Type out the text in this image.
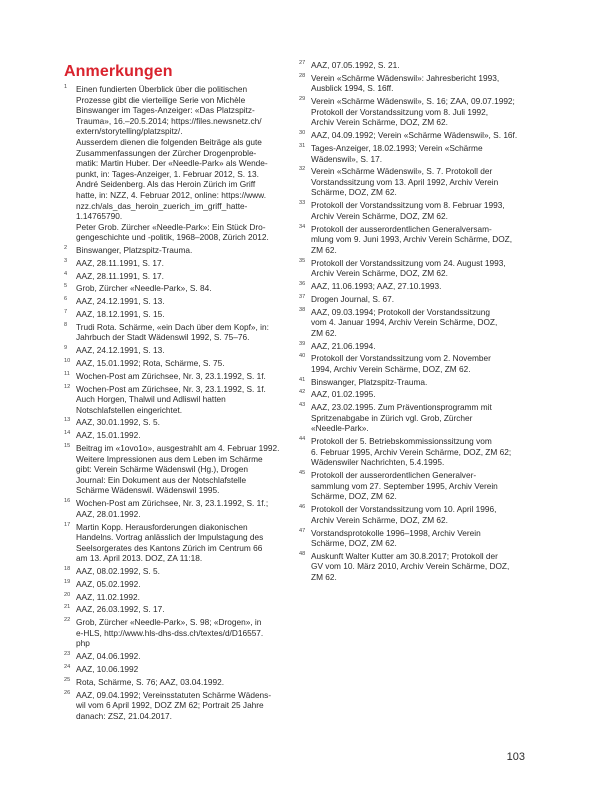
Anmerkungen
1 Einen fundierten Überblick über die politischen
Prozesse gibt die vierteilige Serie von Michèle
Binswanger im Tages-Anzeiger: «Das Platzspitz-
Trauma», 16.–20.5.2014; https://files.newsnetz.ch/
extern/storytelling/platzspitz/.
Ausserdem dienen die folgenden Beiträge als gute
Zusammenfassungen der Zürcher Drogenproble-
matik: Martin Huber. Der «Needle-Park» als Wende-
punkt, in: Tages-Anzeiger, 1. Februar 2012, S. 13.
André Seidenberg. Als das Heroin Zürich im Griff
hatte, in: NZZ, 4. Februar 2012, online: https://www.
nzz.ch/als_das_heroin_zuerich_im_griff_hatte-
1.14765790.
Peter Grob. Zürcher «Needle-Park»: Ein Stück Dro-
gengeschichte und -politik, 1968–2008, Zürich 2012.
2 Binswanger, Platzspitz-Trauma.
3 AAZ, 28.11.1991, S. 17.
4 AAZ, 28.11.1991, S. 17.
5 Grob, Zürcher «Needle-Park», S. 84.
6 AAZ, 24.12.1991, S. 13.
7 AAZ, 18.12.1991, S. 15.
8 Trudi Rota. Schärme, «ein Dach über dem Kopf», in:
Jahrbuch der Stadt Wädenswil 1992, S. 75–76.
9 AAZ, 24.12.1991, S. 13.
10 AAZ, 15.01.1992; Rota, Schärme, S. 75.
11 Wochen-Post am Zürichsee, Nr. 3, 23.1.1992, S. 1f.
12 Wochen-Post am Zürichsee, Nr. 3, 23.1.1992, S. 1f.
Auch Horgen, Thalwil und Adliswil hatten
Notschlafstellen eingerichtet.
13 AAZ, 30.01.1992, S. 5.
14 AAZ, 15.01.1992.
15 Beitrag im «1ovo1o», ausgestrahlt am 4. Februar 1992.
Weitere Impressionen aus dem Leben im Schärme
gibt: Verein Schärme Wädenswil (Hg.), Drogen
Journal: Ein Dokument aus der Notschlafstelle
Schärme Wädenswil. Wädenswil 1995.
16 Wochen-Post am Zürichsee, Nr. 3, 23.1.1992, S. 1f.;
AAZ, 28.01.1992.
17 Martin Kopp. Herausforderungen diakonischen
Handelns. Vortrag anlässlich der Impulstagung des
Seelsorgerates des Kantons Zürich im Centrum 66
am 13. April 2013. DOZ, ZA 11:18.
18 AAZ, 08.02.1992, S. 5.
19 AAZ, 05.02.1992.
20 AAZ, 11.02.1992.
21 AAZ, 26.03.1992, S. 17.
22 Grob, Zürcher «Needle-Park», S. 98; «Drogen», in
e-HLS, http://www.hls-dhs-dss.ch/textes/d/D16557.
php
23 AAZ, 04.06.1992.
24 AAZ, 10.06.1992
25 Rota, Schärme, S. 76; AAZ, 03.04.1992.
26 AAZ, 09.04.1992; Vereinsstatuten Schärme Wädens-
wil vom 6 April 1992, DOZ ZM 62; Portrait 25 Jahre
danach: ZSZ, 21.04.2017.
27 AAZ, 07.05.1992, S. 21.
28 Verein «Schärme Wädenswil»: Jahresbericht 1993,
Ausblick 1994, S. 16ff.
29 Verein «Schärme Wädenswil», S. 16; ZAA, 09.07.1992;
Protokoll der Vorstandssitzung vom 8. Juli 1992,
Archiv Verein Schärme, DOZ, ZM 62.
30 AAZ, 04.09.1992; Verein «Schärme Wädenswil», S. 16f.
31 Tages-Anzeiger, 18.02.1993; Verein «Schärme
Wädenswil», S. 17.
32 Verein «Schärme Wädenswil», S. 7. Protokoll der
Vorstandssitzung vom 13. April 1992, Archiv Verein
Schärme, DOZ, ZM 62.
33 Protokoll der Vorstandssitzung vom 8. Februar 1993,
Archiv Verein Schärme, DOZ, ZM 62.
34 Protokoll der ausserordentlichen Generalversam-
mlung vom 9. Juni 1993, Archiv Verein Schärme, DOZ,
ZM 62.
35 Protokoll der Vorstandssitzung vom 24. August 1993,
Archiv Verein Schärme, DOZ, ZM 62.
36 AAZ, 11.06.1993; AAZ, 27.10.1993.
37 Drogen Journal, S. 67.
38 AAZ, 09.03.1994; Protokoll der Vorstandssitzung
vom 4. Januar 1994, Archiv Verein Schärme, DOZ,
ZM 62.
39 AAZ, 21.06.1994.
40 Protokoll der Vorstandssitzung vom 2. November
1994, Archiv Verein Schärme, DOZ, ZM 62.
41 Binswanger, Platzspitz-Trauma.
42 AAZ, 01.02.1995.
43 AAZ, 23.02.1995. Zum Präventionsprogramm mit
Spritzenabgabe in Zürich vgl. Grob, Zürcher
«Needle-Park».
44 Protokoll der 5. Betriebskommissionssitzung vom
6. Februar 1995, Archiv Verein Schärme, DOZ, ZM 62;
Wädenswiler Nachrichten, 5.4.1995.
45 Protokoll der ausserordentlichen Generalver-
sammlung vom 27. September 1995, Archiv Verein
Schärme, DOZ, ZM 62.
46 Protokoll der Vorstandssitzung vom 10. April 1996,
Archiv Verein Schärme, DOZ, ZM 62.
47 Vorstandsprotokolle 1996–1998, Archiv Verein
Schärme, DOZ, ZM 62.
48 Auskunft Walter Kutter am 30.8.2017; Protokoll der
GV vom 10. März 2010, Archiv Verein Schärme, DOZ,
ZM 62.
103
